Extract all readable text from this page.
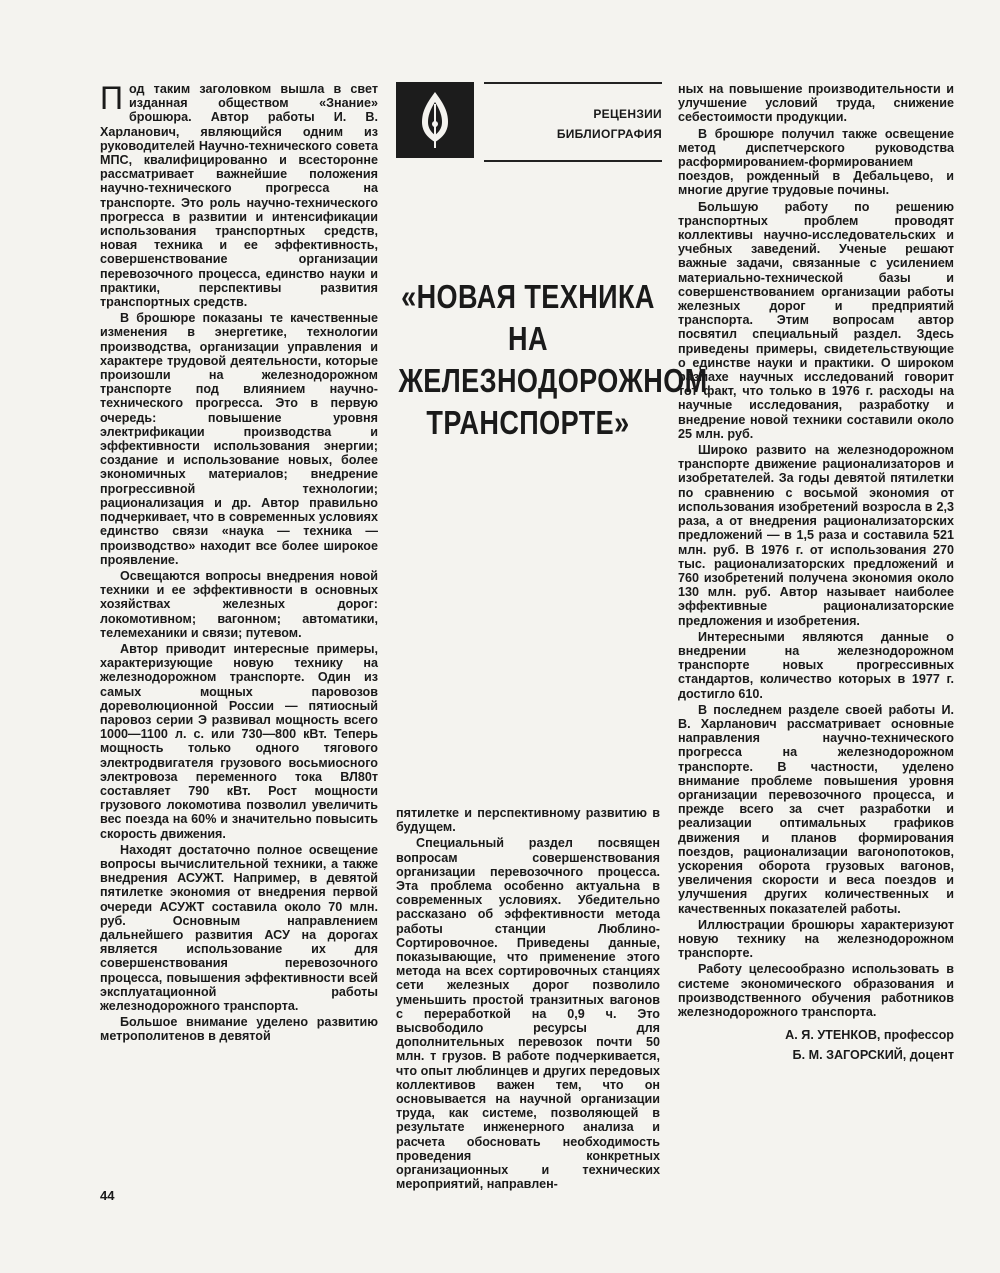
Под таким заголовком вышла в свет изданная обществом «Знание» брошюра. Автор работы И. В. Харланович, являющийся одним из руководителей Научно-технического совета МПС, квалифицированно и всесторонне рассматривает важнейшие положения научно-технического прогресса на транспорте. Это роль научно-технического прогресса в развитии и интенсификации использования транспортных средств, новая техника и ее эффективность, совершенствование организации перевозочного процесса, единство науки и практики, перспективы развития транспортных средств.

В брошюре показаны те качественные изменения в энергетике, технологии производства, организации управления и характере трудовой деятельности, которые произошли на железнодорожном транспорте под влиянием научно-технического прогресса. Это в первую очередь: повышение уровня электрификации производства и эффективности использования энергии; создание и использование новых, более экономичных материалов; внедрение прогрессивной технологии; рационализация и др. Автор правильно подчеркивает, что в современных условиях единство связи «наука — техника — производство» находит все более широкое проявление.

Освещаются вопросы внедрения новой техники и ее эффективности в основных хозяйствах железных дорог: локомотивном; вагонном; автоматики, телемеханики и связи; путевом.

Автор приводит интересные примеры, характеризующие новую технику на железнодорожном транспорте. Один из самых мощных паровозов дореволюционной России — пятиосный паровоз серии Э развивал мощность всего 1000—1100 л. с. или 730—800 кВт. Теперь мощность только одного тягового электродвигателя грузового восьмиосного электровоза переменного тока ВЛ80т составляет 790 кВт. Рост мощности грузового локомотива позволил увеличить вес поезда на 60% и значительно повысить скорость движения.

Находят достаточно полное освещение вопросы вычислительной техники, а также внедрения АСУЖТ. Например, в девятой пятилетке экономия от внедрения первой очереди АСУЖТ составила около 70 млн. руб. Основным направлением дальнейшего развития АСУ на дорогах является использование их для совершенствования перевозочного процесса, повышения эффективности всей эксплуатационной работы железнодорожного транспорта.

Большое внимание уделено развитию метрополитенов в девятой

РЕЦЕНЗИИ
БИБЛИОГРАФИЯ
«НОВАЯ ТЕХНИКА
НА ЖЕЛЕЗНОДОРОЖНОМ
ТРАНСПОРТЕ»

пятилетке и перспективному развитию в будущем.

Специальный раздел посвящен вопросам совершенствования организации перевозочного процесса. Эта проблема особенно актуальна в современных условиях. Убедительно рассказано об эффективности метода работы станции Люблино-Сортировочное. Приведены данные, показывающие, что применение этого метода на всех сортировочных станциях сети железных дорог позволило уменьшить простой транзитных вагонов с переработкой на 0,9 ч. Это высвободило ресурсы для дополнительных перевозок почти 50 млн. т грузов. В работе подчеркивается, что опыт люблинцев и других передовых коллективов важен тем, что он основывается на научной организации труда, как системе, позволяющей в результате инженерного анализа и расчета обосновать необходимость проведения конкретных организационных и технических мероприятий, направлен-

ных на повышение производительности и улучшение условий труда, снижение себестоимости продукции.

В брошюре получил также освещение метод диспетчерского руководства расформированием-формированием поездов, рожденный в Дебальцево, и многие другие трудовые почины.

Большую работу по решению транспортных проблем проводят коллективы научно-исследовательских и учебных заведений. Ученые решают важные задачи, связанные с усилением материально-технической базы и совершенствованием организации работы железных дорог и предприятий транспорта. Этим вопросам автор посвятил специальный раздел. Здесь приведены примеры, свидетельствующие о единстве науки и практики. О широком размахе научных исследований говорит тот факт, что только в 1976 г. расходы на научные исследования, разработку и внедрение новой техники составили около 25 млн. руб.

Широко развито на железнодорожном транспорте движение рационализаторов и изобретателей. За годы девятой пятилетки по сравнению с восьмой экономия от использования изобретений возросла в 2,3 раза, а от внедрения рационализаторских предложений — в 1,5 раза и составила 521 млн. руб. В 1976 г. от использования 270 тыс. рационализаторских предложений и 760 изобретений получена экономия около 130 млн. руб. Автор называет наиболее эффективные рационализаторские предложения и изобретения.

Интересными являются данные о внедрении на железнодорожном транспорте новых прогрессивных стандартов, количество которых в 1977 г. достигло 610.

В последнем разделе своей работы И. В. Харланович рассматривает основные направления научно-технического прогресса на железнодорожном транспорте. В частности, уделено внимание проблеме повышения уровня организации перевозочного процесса, и прежде всего за счет разработки и реализации оптимальных графиков движения и планов формирования поездов, рационализации вагонопотоков, ускорения оборота грузовых вагонов, увеличения скорости и веса поездов и улучшения других количественных и качественных показателей работы.

Иллюстрации брошюры характеризуют новую технику на железнодорожном транспорте.

Работу целесообразно использовать в системе экономического образования и производственного обучения работников железнодорожного транспорта.

А. Я. УТЕНКОВ, профессор
Б. М. ЗАГОРСКИЙ, доцент
44
